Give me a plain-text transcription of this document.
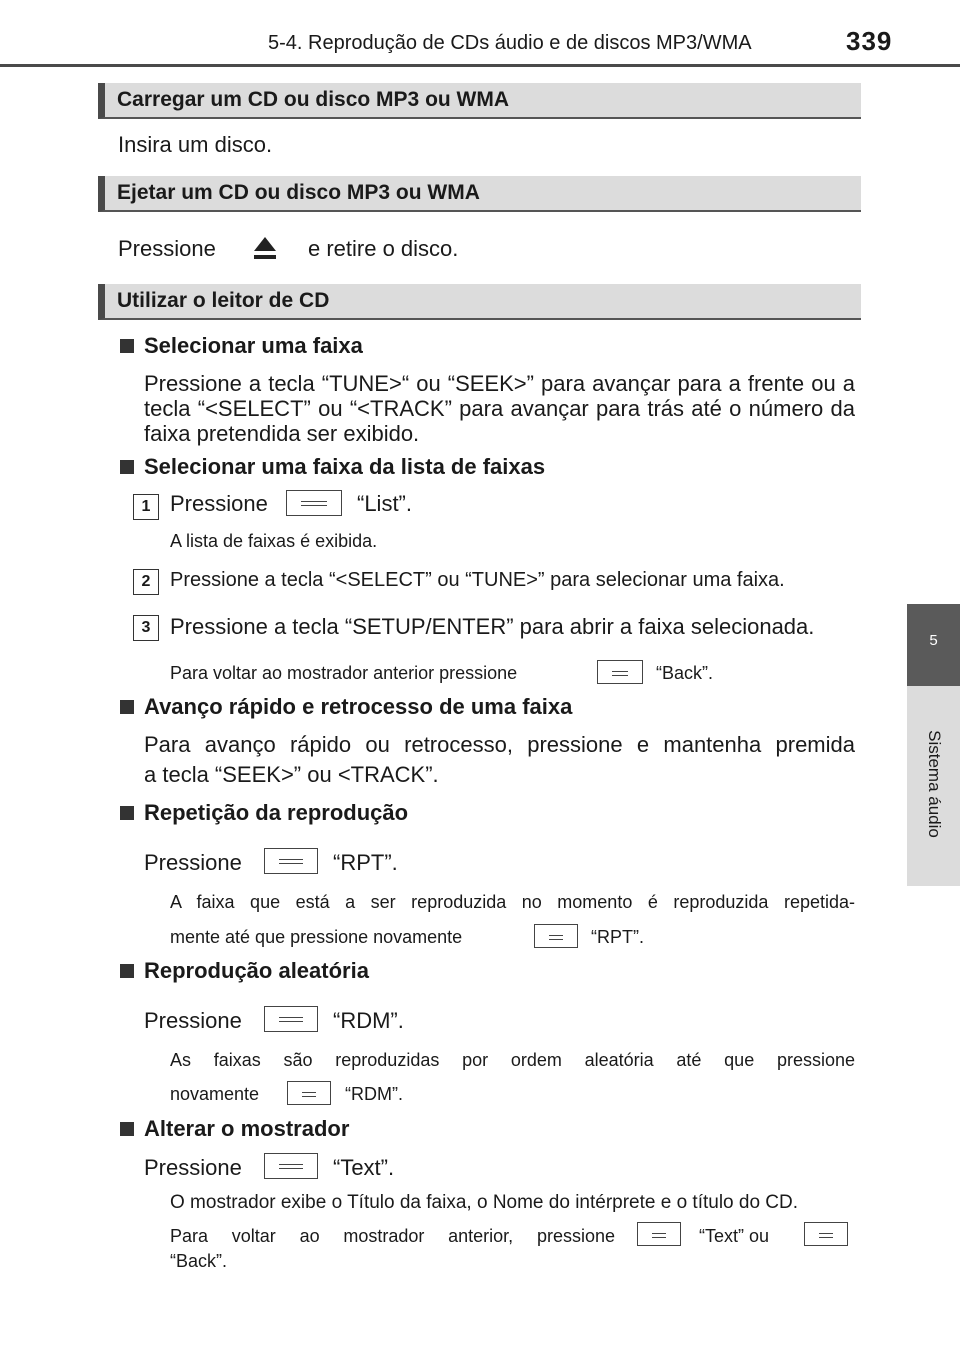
5-4. Reprodução de CDs áudio e de discos MP3/WMA	339
5
Sistema áudio
Carregar um CD ou disco MP3 ou WMA
Insira um disco.
Ejetar um CD ou disco MP3 ou WMA
Pressione	e retire o disco.
Utilizar o leitor de CD
Selecionar uma faixa
Pressione a tecla “TUNE>“ ou “SEEK>” para avançar para a frente ou a tecla “<SELECT” ou “<TRACK” para avançar para trás até o número da faixa pretendida ser exibido.
Selecionar uma faixa da lista de faixas
1 Pressione	“List”.
A lista de faixas é exibida.
2 Pressione a tecla “<SELECT” ou “TUNE>” para selecionar uma faixa.
3 Pressione a tecla “SETUP/ENTER” para abrir a faixa selecionada.
Para voltar ao mostrador anterior pressione	“Back”.
Avanço rápido e retrocesso de uma faixa
Para avanço rápido ou retrocesso, pressione e mantenha premida
a tecla “SEEK>” ou <TRACK”.
Repetição da reprodução
Pressione	“RPT”.
A faixa que está a ser reproduzida no momento é reproduzida repetida-
mente até que pressione novamente	“RPT”.
Reprodução aleatória
Pressione	“RDM”.
As faixas são reproduzidas por ordem aleatória até que pressione
novamente	“RDM”.
Alterar o mostrador
Pressione	“Text”.
O mostrador exibe o Título da faixa, o Nome do intérprete e o título do CD.
Para voltar ao mostrador anterior, pressione	“Text” ou
“Back”.
